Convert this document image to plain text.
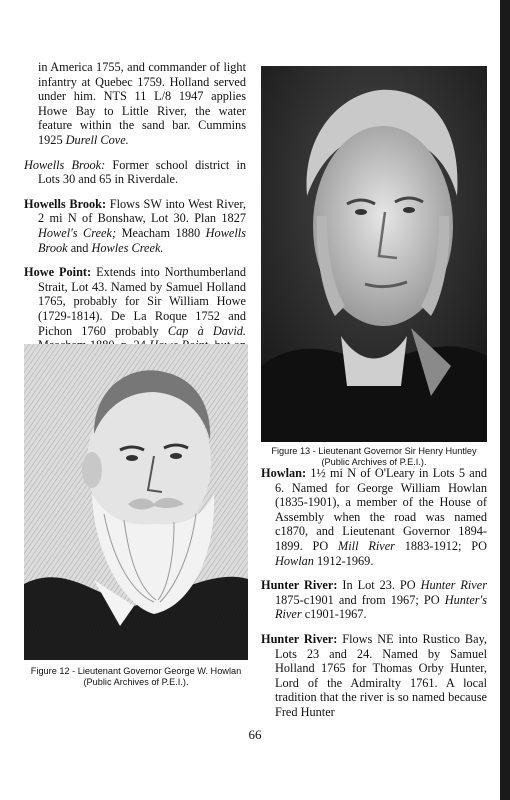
in America 1755, and commander of light infantry at Quebec 1759. Holland served under him. NTS 11 L/8 1947 applies Howe Bay to Little River, the water feature within the sand bar. Cummins 1925 Durell Cove.

Howells Brook: Former school district in Lots 30 and 65 in Riverdale.

Howells Brook: Flows SW into West River, 2 mi N of Bonshaw, Lot 30. Plan 1827 Howel's Creek; Meacham 1880 Howells Brook and Howles Creek.

Howe Point: Extends into Northumberland Strait, Lot 43. Named by Samuel Holland 1765, probably for Sir William Howe (1729-1814). De La Roque 1752 and Pichon 1760 probably Cap à David.

Figure 12 - Lieutenant Governor George W. Howlan (Public Archives of P.E.I.).
Figure 13 - Lieutenant Governor Sir Henry Huntley (Public Archives of P.E.I.).

Howlan: 1½ mi N of O'Leary in Lots 5 and 6. Named for George William Howlan (1835-1901), a member of the House of Assembly when the road was named c1870, and Lieutenant Governor 1894-1899. PO Mill River 1883-1912; PO Howlan 1912-1969.

Hunter River: In Lot 23. PO Hunter River 1875-c1901 and from 1967; PO Hunter's River c1901-1967.

Hunter River: Flows NE into Rustico Bay, Lots 23 and 24. Named by Samuel Holland 1765 for Thomas Orby Hunter, Lord of the Admiralty 1761. A local tradition that the river is so named because Fred Hunter

66
